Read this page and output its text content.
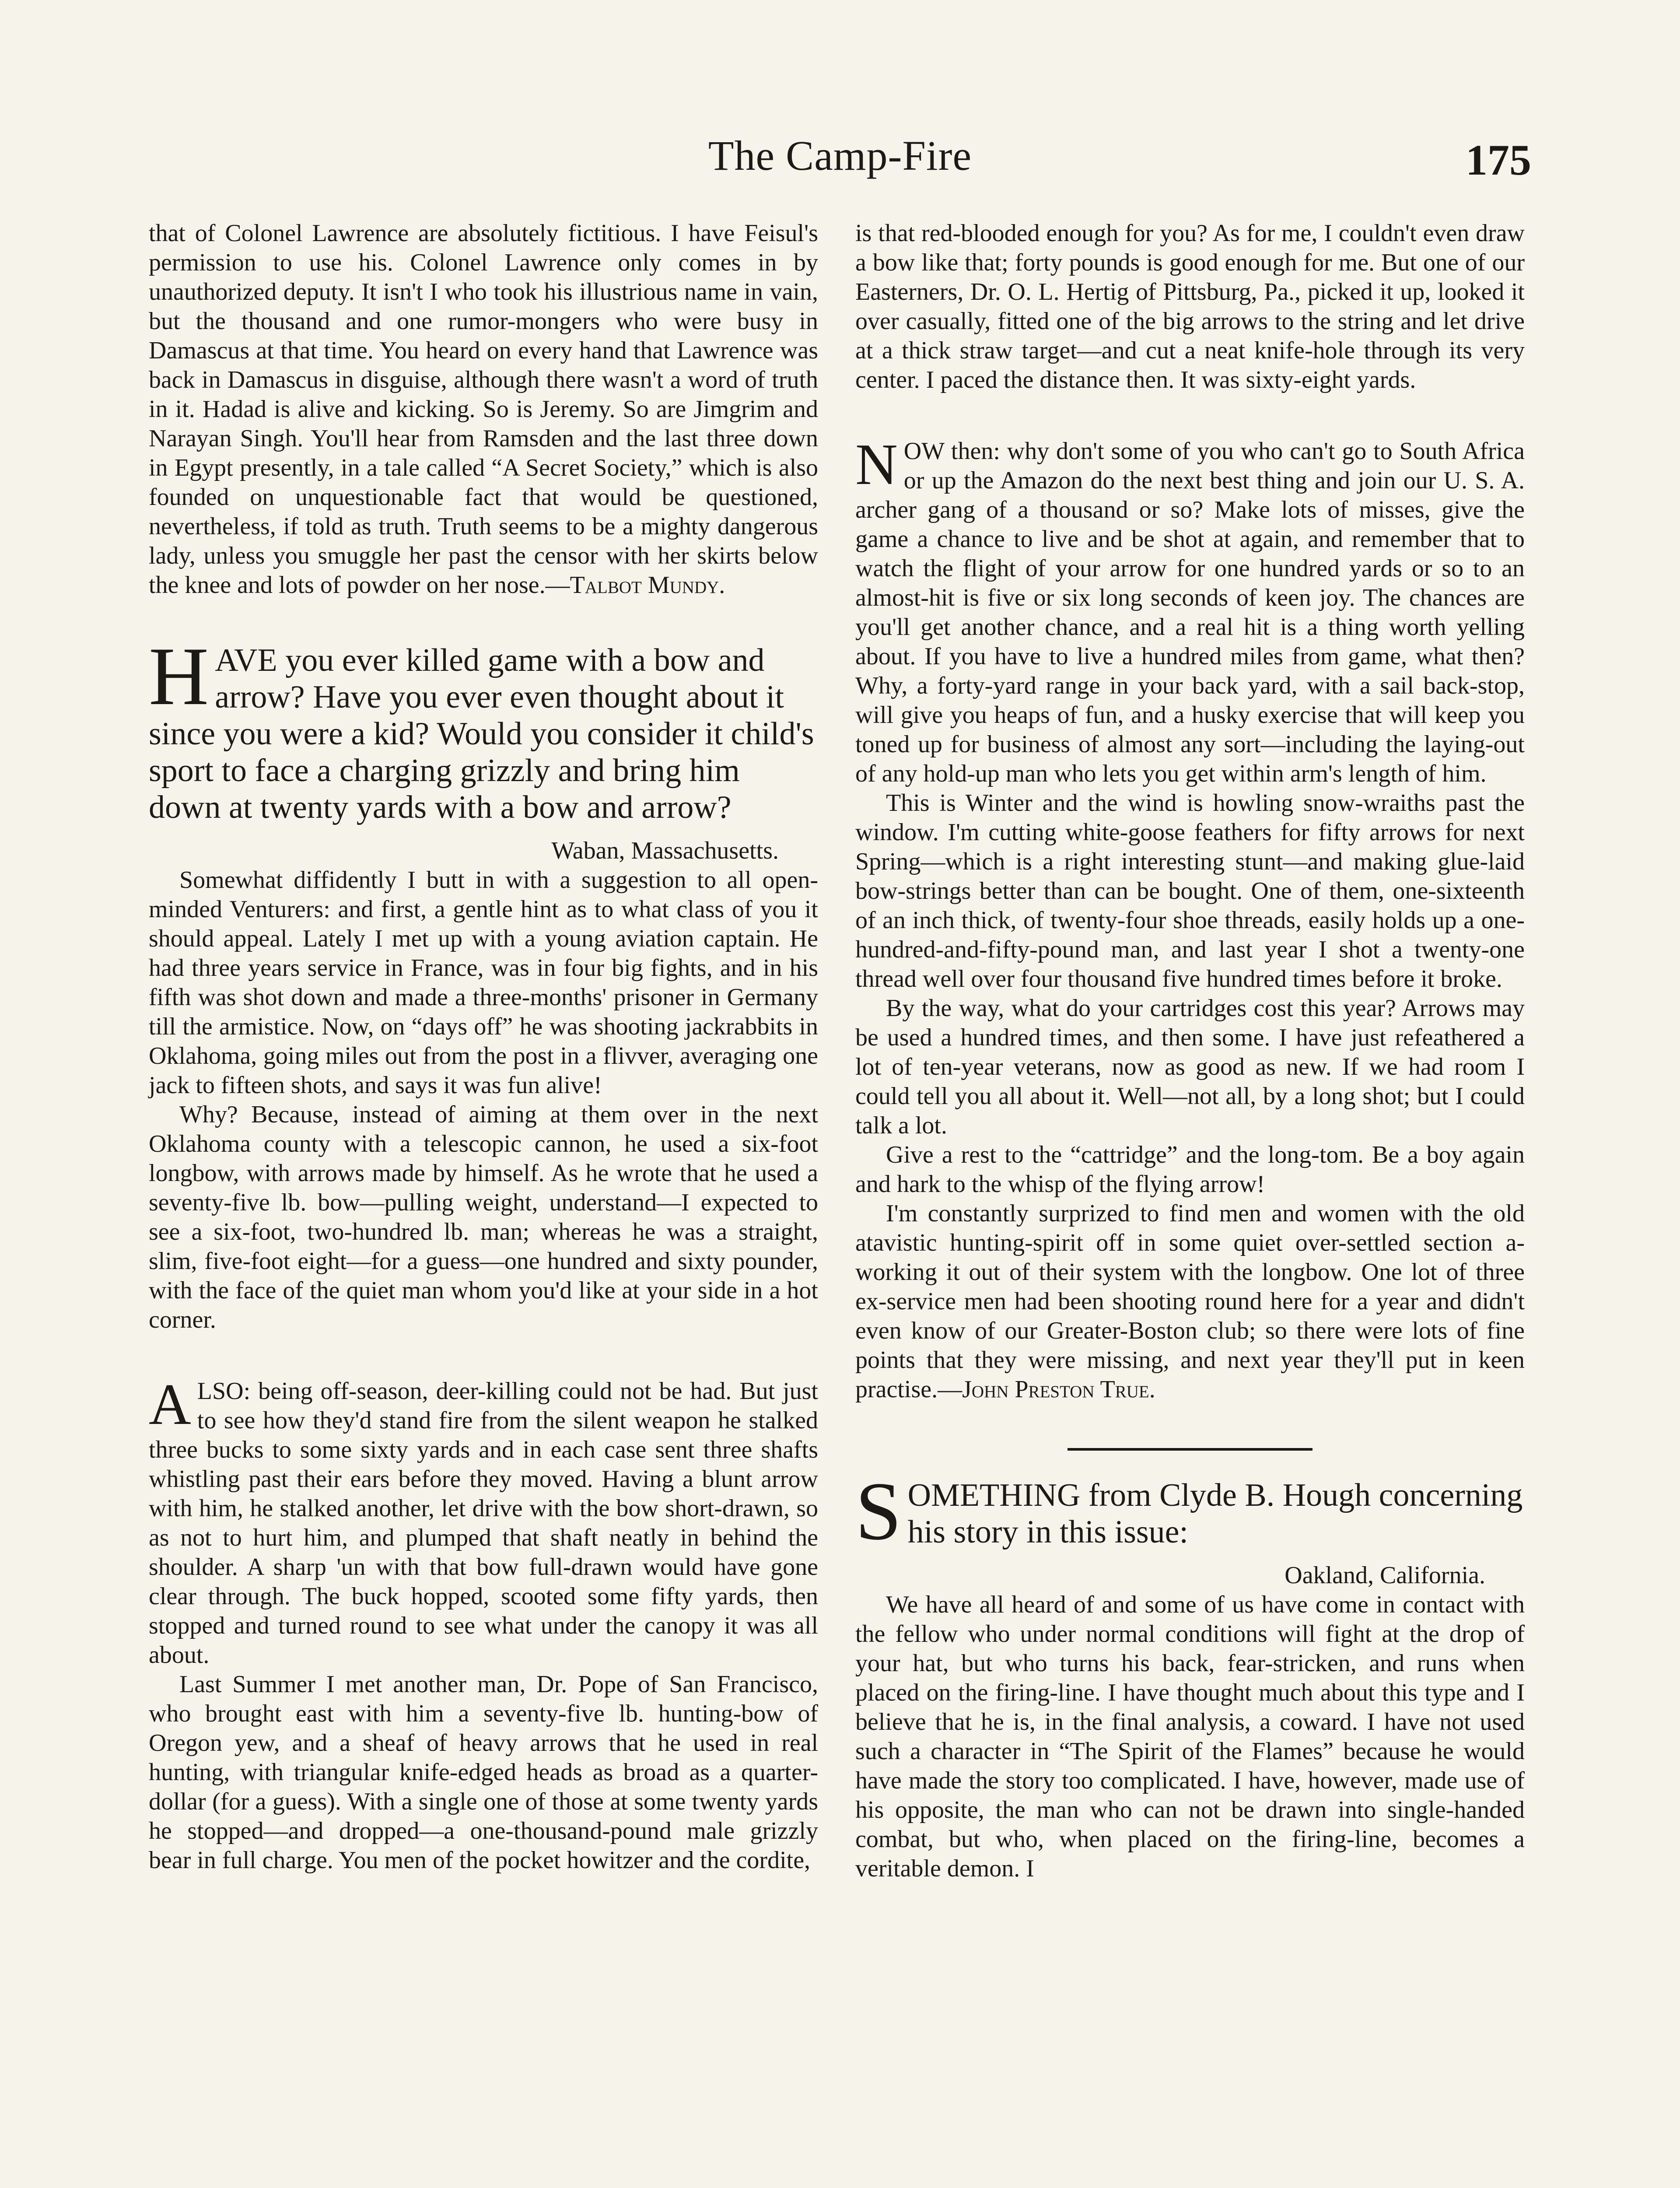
The Camp-Fire	175

that of Colonel Lawrence are absolutely fictitious. I have Feisul's permission to use his. Colonel Lawrence only comes in by unauthorized deputy. It isn't I who took his illustrious name in vain, but the thousand and one rumor-mongers who were busy in Damascus at that time. You heard on every hand that Lawrence was back in Damascus in disguise, although there wasn't a word of truth in it. Hadad is alive and kicking. So is Jeremy. So are Jimgrim and Narayan Singh. You'll hear from Ramsden and the last three down in Egypt presently, in a tale called “A Secret Society,” which is also founded on unquestionable fact that would be questioned, nevertheless, if told as truth. Truth seems to be a mighty dangerous lady, unless you smuggle her past the censor with her skirts below the knee and lots of powder on her nose.—Talbot Mundy.

HAVE you ever killed game with a bow and arrow? Have you ever even thought about it since you were a kid? Would you consider it child's sport to face a charging grizzly and bring him down at twenty yards with a bow and arrow?

Waban, Massachusetts.

Somewhat diffidently I butt in with a suggestion to all open-minded Venturers: and first, a gentle hint as to what class of you it should appeal. Lately I met up with a young aviation captain. He had three years service in France, was in four big fights, and in his fifth was shot down and made a three-months' prisoner in Germany till the armistice. Now, on “days off” he was shooting jackrabbits in Oklahoma, going miles out from the post in a flivver, averaging one jack to fifteen shots, and says it was fun alive!

Why? Because, instead of aiming at them over in the next Oklahoma county with a telescopic cannon, he used a six-foot longbow, with arrows made by himself. As he wrote that he used a seventy-five lb. bow—pulling weight, understand—I expected to see a six-foot, two-hundred lb. man; whereas he was a straight, slim, five-foot eight—for a guess—one hundred and sixty pounder, with the face of the quiet man whom you'd like at your side in a hot corner.

ALSO: being off-season, deer-killing could not be had. But just to see how they'd stand fire from the silent weapon he stalked three bucks to some sixty yards and in each case sent three shafts whistling past their ears before they moved. Having a blunt arrow with him, he stalked another, let drive with the bow short-drawn, so as not to hurt him, and plumped that shaft neatly in behind the shoulder. A sharp 'un with that bow full-drawn would have gone clear through. The buck hopped, scooted some fifty yards, then stopped and turned round to see what under the canopy it was all about.

Last Summer I met another man, Dr. Pope of San Francisco, who brought east with him a seventy-five lb. hunting-bow of Oregon yew, and a sheaf of heavy arrows that he used in real hunting, with triangular knife-edged heads as broad as a quarter-dollar (for a guess). With a single one of those at some twenty yards he stopped—and dropped—a one-thousand-pound male grizzly bear in full charge. You men of the pocket howitzer and the cordite,

is that red-blooded enough for you? As for me, I couldn't even draw a bow like that; forty pounds is good enough for me. But one of our Easterners, Dr. O. L. Hertig of Pittsburg, Pa., picked it up, looked it over casually, fitted one of the big arrows to the string and let drive at a thick straw target—and cut a neat knife-hole through its very center. I paced the distance then. It was sixty-eight yards.

NOW then: why don't some of you who can't go to South Africa or up the Amazon do the next best thing and join our U. S. A. archer gang of a thousand or so? Make lots of misses, give the game a chance to live and be shot at again, and remember that to watch the flight of your arrow for one hundred yards or so to an almost-hit is five or six long seconds of keen joy. The chances are you'll get another chance, and a real hit is a thing worth yelling about. If you have to live a hundred miles from game, what then? Why, a forty-yard range in your back yard, with a sail back-stop, will give you heaps of fun, and a husky exercise that will keep you toned up for business of almost any sort—including the laying-out of any hold-up man who lets you get within arm's length of him.

This is Winter and the wind is howling snow-wraiths past the window. I'm cutting white-goose feathers for fifty arrows for next Spring—which is a right interesting stunt—and making glue-laid bow-strings better than can be bought. One of them, one-sixteenth of an inch thick, of twenty-four shoe threads, easily holds up a one-hundred-and-fifty-pound man, and last year I shot a twenty-one thread well over four thousand five hundred times before it broke.

By the way, what do your cartridges cost this year? Arrows may be used a hundred times, and then some. I have just refeathered a lot of ten-year veterans, now as good as new. If we had room I could tell you all about it. Well—not all, by a long shot; but I could talk a lot.

Give a rest to the “cattridge” and the long-tom. Be a boy again and hark to the whisp of the flying arrow!

I'm constantly surprized to find men and women with the old atavistic hunting-spirit off in some quiet over-settled section a-working it out of their system with the longbow. One lot of three ex-service men had been shooting round here for a year and didn't even know of our Greater-Boston club; so there were lots of fine points that they were missing, and next year they'll put in keen practise.—John Preston True.

SOMETHING from Clyde B. Hough concerning his story in this issue:

Oakland, California.

We have all heard of and some of us have come in contact with the fellow who under normal conditions will fight at the drop of your hat, but who turns his back, fear-stricken, and runs when placed on the firing-line. I have thought much about this type and I believe that he is, in the final analysis, a coward. I have not used such a character in “The Spirit of the Flames” because he would have made the story too complicated. I have, however, made use of his opposite, the man who can not be drawn into single-handed combat, but who, when placed on the firing-line, becomes a veritable demon. I
